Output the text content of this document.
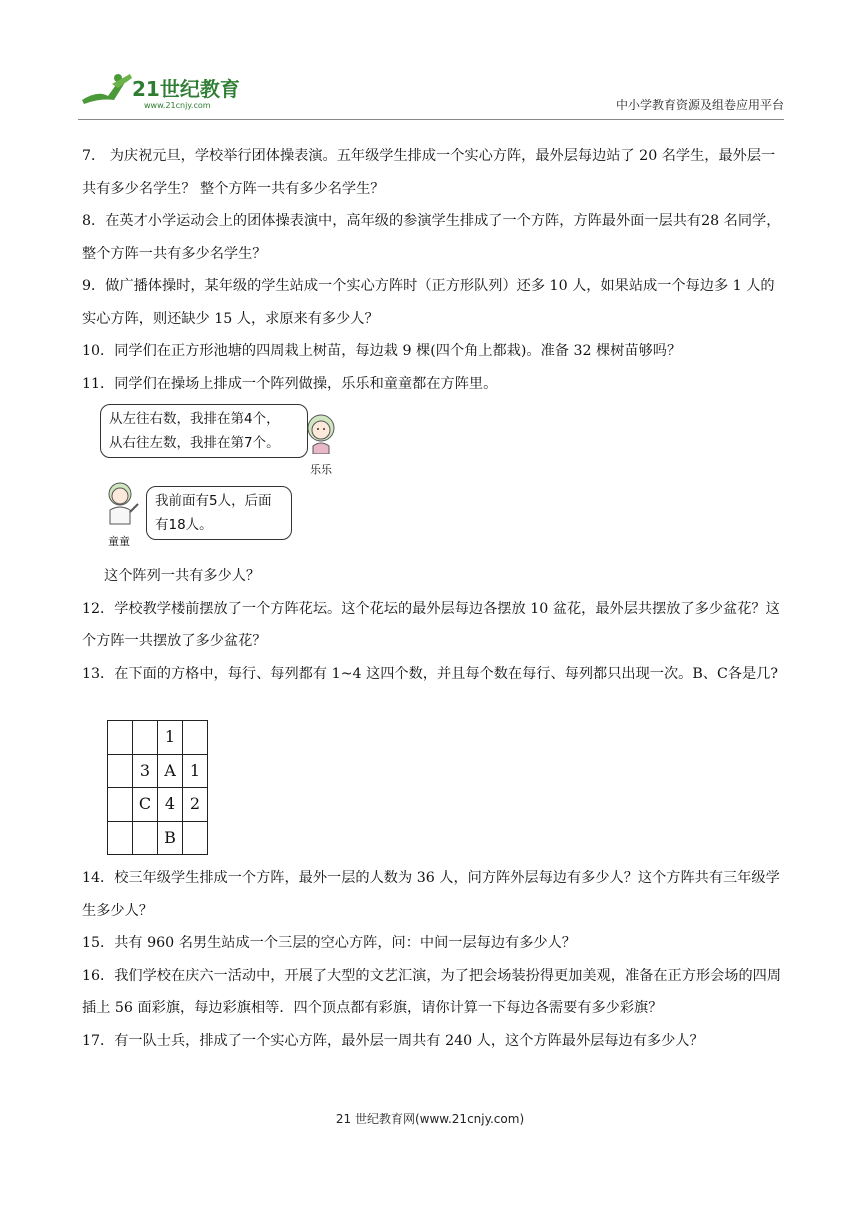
21世纪教育
www.21cnjy.com	中小学教育资源及组卷应用平台

7． 为庆祝元旦，学校举行团体操表演。五年级学生排成一个实心方阵，最外层每边站了 20 名学生，最外层一共有多少名学生？ 整个方阵一共有多少名学生？

8．在英才小学运动会上的团体操表演中，高年级的参演学生排成了一个方阵，方阵最外面一层共有28 名同学，整个方阵一共有多少名学生？

9．做广播体操时，某年级的学生站成一个实心方阵时（正方形队列）还多 10 人，如果站成一个每边多 1 人的实心方阵，则还缺少 15 人，求原来有多少人？

10．同学们在正方形池塘的四周栽上树苗，每边栽 9 棵(四个角上都栽)。准备 32 棵树苗够吗？

11．同学们在操场上排成一个阵列做操，乐乐和童童都在方阵里。

从左往右数，我排在第4个，
从右往左数，我排在第7个。
乐乐
我前面有5人，后面
有18人。
童童

这个阵列一共有多少人？

12．学校教学楼前摆放了一个方阵花坛。这个花坛的最外层每边各摆放 10 盆花，最外层共摆放了多少盆花？这个方阵一共摆放了多少盆花？

13．在下面的方格中，每行、每列都有 1~4 这四个数，并且每个数在每行、每列都只出现一次。B、C各是几?

		1	
	3	A	1
	C	4	2
		B	

14．校三年级学生排成一个方阵，最外一层的人数为 36 人，问方阵外层每边有多少人？这个方阵共有三年级学生多少人？

15．共有 960 名男生站成一个三层的空心方阵，问：中间一层每边有多少人？

16．我们学校在庆六一活动中，开展了大型的文艺汇演，为了把会场装扮得更加美观，准备在正方形会场的四周插上 56 面彩旗，每边彩旗相等．四个顶点都有彩旗，请你计算一下每边各需要有多少彩旗？

17．有一队士兵，排成了一个实心方阵，最外层一周共有 240 人，这个方阵最外层每边有多少人？

21 世纪教育网(www.21cnjy.com)
